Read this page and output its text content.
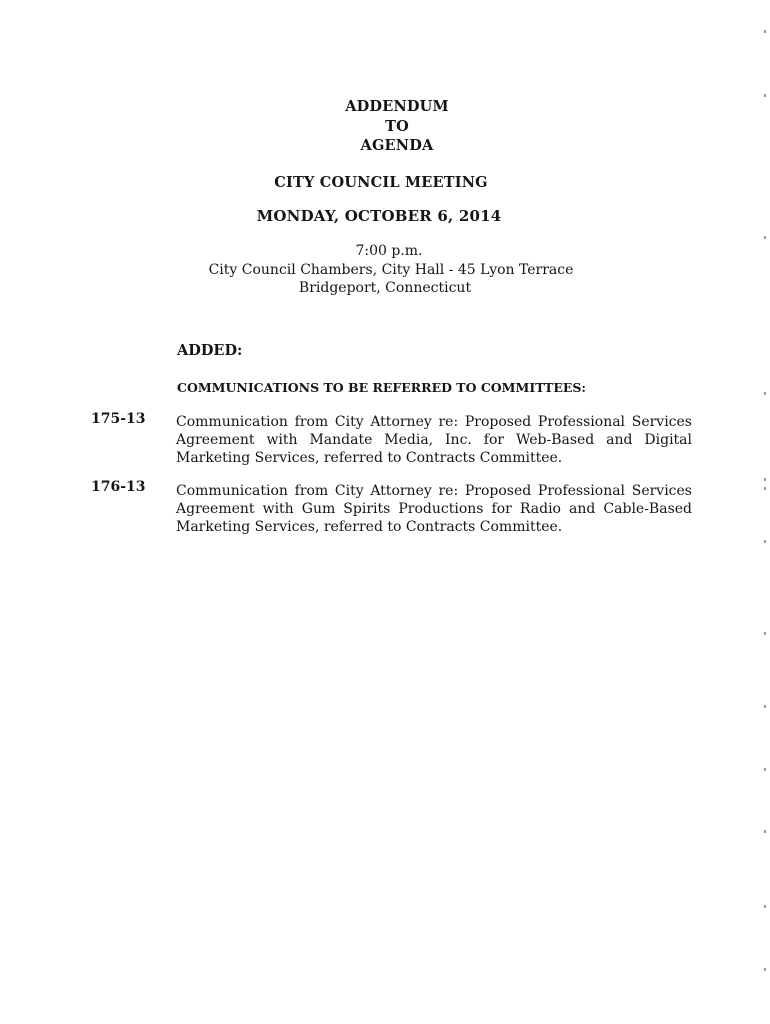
ADDENDUM
TO
AGENDA
CITY COUNCIL MEETING
MONDAY, OCTOBER 6, 2014
7:00 p.m.
City Council Chambers, City Hall - 45 Lyon Terrace
Bridgeport, Connecticut
ADDED:
COMMUNICATIONS TO BE REFERRED TO COMMITTEES:
175-13 Communication from City Attorney re: Proposed Professional Services Agreement with Mandate Media, Inc. for Web-Based and Digital Marketing Services, referred to Contracts Committee.
176-13 Communication from City Attorney re: Proposed Professional Services Agreement with Gum Spirits Productions for Radio and Cable-Based Marketing Services, referred to Contracts Committee.
